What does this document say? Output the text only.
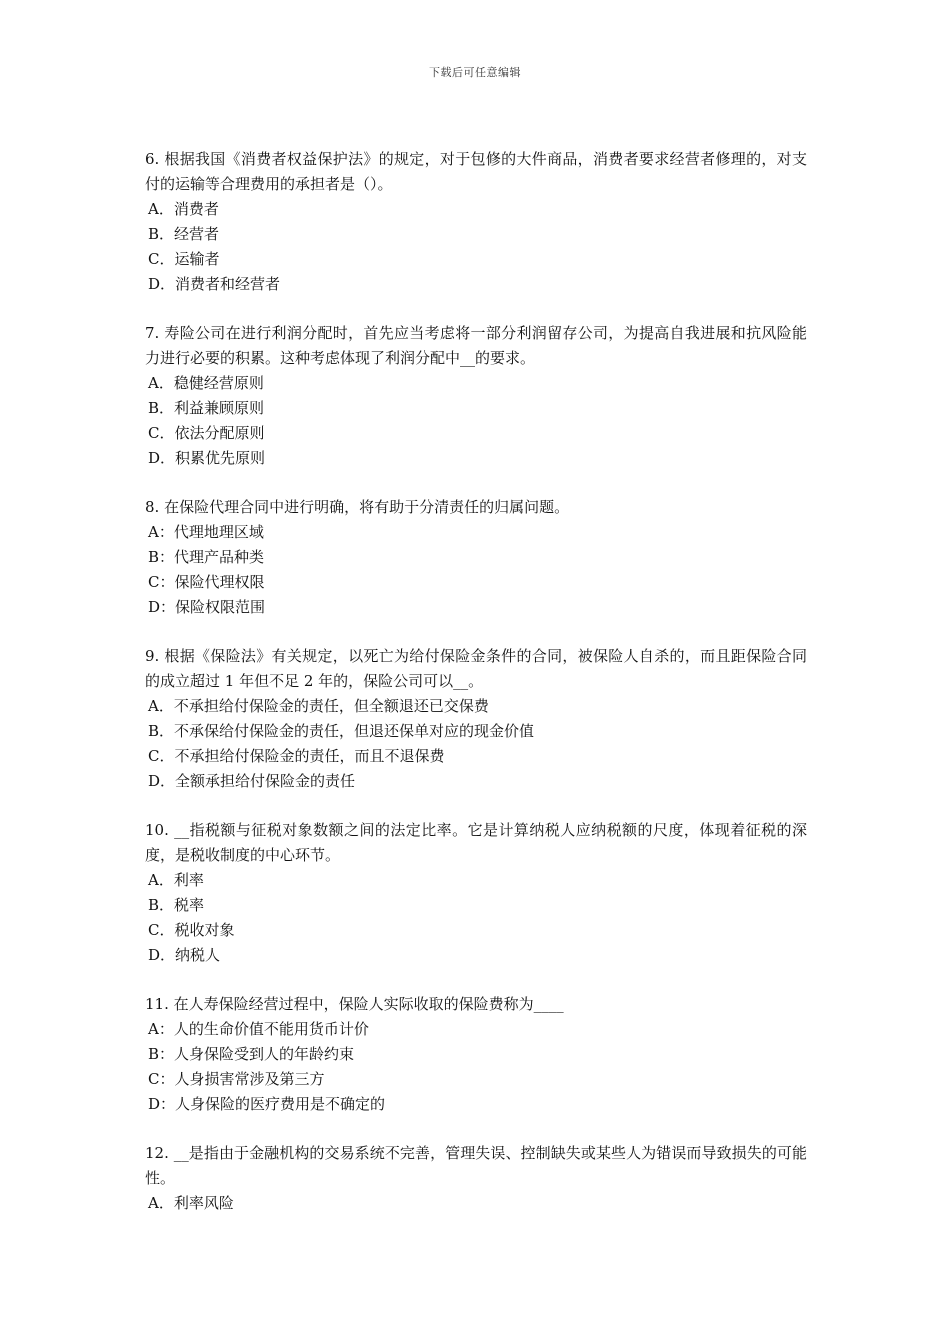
下载后可任意编辑

6. 根据我国《消费者权益保护法》的规定，对于包修的大件商品，消费者要求经营者修理的，对支付的运输等合理费用的承担者是（）。

A．消费者

B．经营者

C．运输者

D．消费者和经营者

7. 寿险公司在进行利润分配时，首先应当考虑将一部分利润留存公司，为提高自我进展和抗风险能力进行必要的积累。这种考虑体现了利润分配中__的要求。

A．稳健经营原则

B．利益兼顾原则

C．依法分配原则

D．积累优先原则

8. 在保险代理合同中进行明确，将有助于分清责任的归属问题。

A：代理地理区域

B：代理产品种类

C：保险代理权限

D：保险权限范围

9. 根据《保险法》有关规定，以死亡为给付保险金条件的合同，被保险人自杀的，而且距保险合同的成立超过 1 年但不足 2 年的，保险公司可以__。

A．不承担给付保险金的责任，但全额退还已交保费

B．不承保给付保险金的责任，但退还保单对应的现金价值

C．不承担给付保险金的责任，而且不退保费

D．全额承担给付保险金的责任

10. __指税额与征税对象数额之间的法定比率。它是计算纳税人应纳税额的尺度，体现着征税的深度，是税收制度的中心环节。

A．利率

B．税率

C．税收对象

D．纳税人

11. 在人寿保险经营过程中，保险人实际收取的保险费称为____

A：人的生命价值不能用货币计价

B：人身保险受到人的年龄约束

C：人身损害常涉及第三方

D：人身保险的医疗费用是不确定的

12. __是指由于金融机构的交易系统不完善，管理失误、控制缺失或某些人为错误而导致损失的可能性。

A．利率风险
